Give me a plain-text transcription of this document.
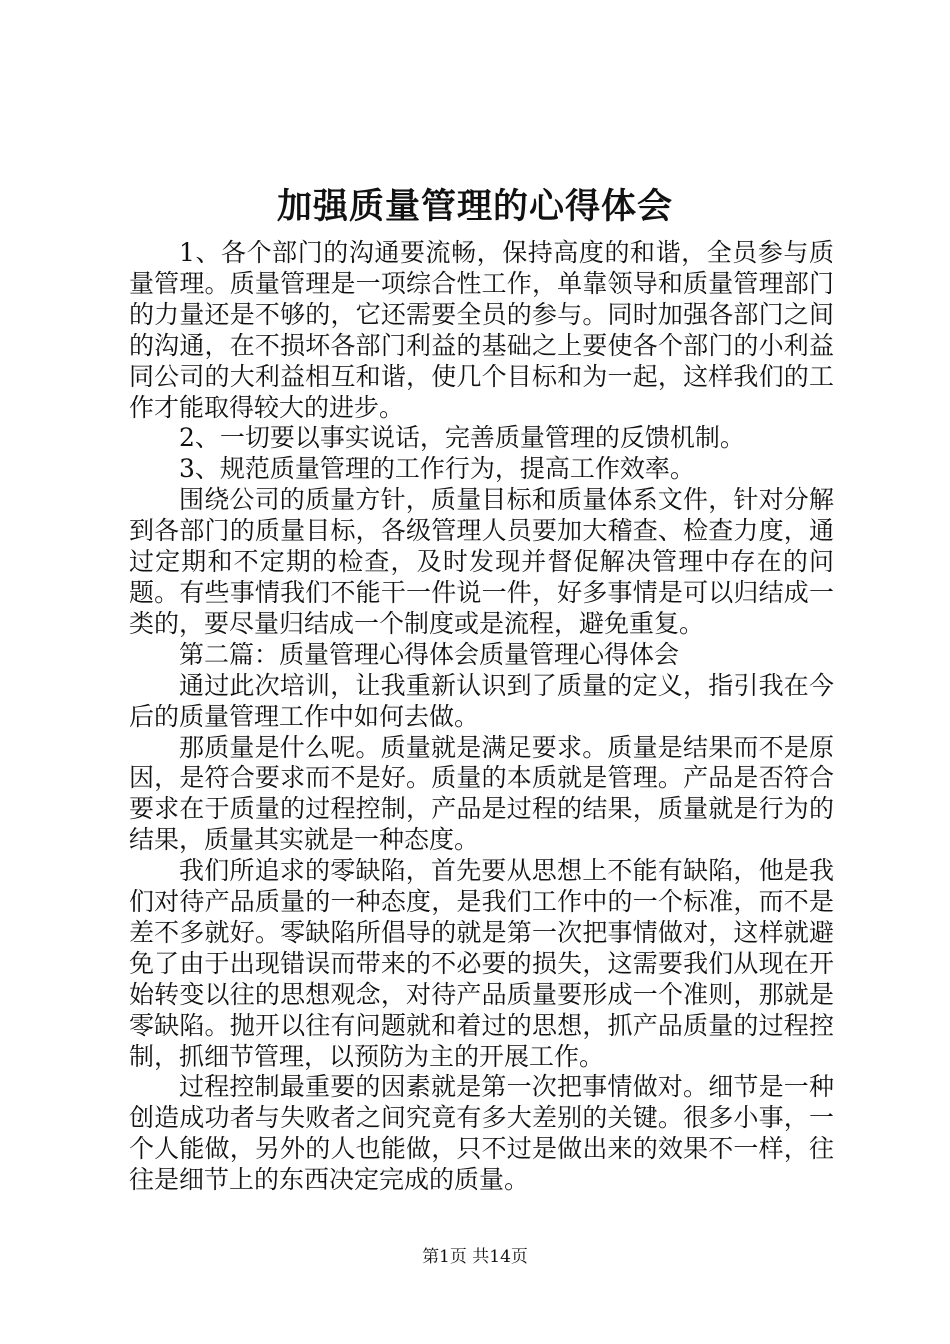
加强质量管理的心得体会

1、各个部门的沟通要流畅，保持高度的和谐，全员参与质量管理。质量管理是一项综合性工作，单靠领导和质量管理部门的力量还是不够的，它还需要全员的参与。同时加强各部门之间的沟通，在不损坏各部门利益的基础之上要使各个部门的小利益同公司的大利益相互和谐，使几个目标和为一起，这样我们的工作才能取得较大的进步。

2、一切要以事实说话，完善质量管理的反馈机制。

3、规范质量管理的工作行为，提高工作效率。

围绕公司的质量方针，质量目标和质量体系文件，针对分解到各部门的质量目标，各级管理人员要加大稽查、检查力度，通过定期和不定期的检查，及时发现并督促解决管理中存在的问题。有些事情我们不能干一件说一件，好多事情是可以归结成一类的，要尽量归结成一个制度或是流程，避免重复。

第二篇：质量管理心得体会质量管理心得体会

通过此次培训，让我重新认识到了质量的定义，指引我在今后的质量管理工作中如何去做。

那质量是什么呢。质量就是满足要求。质量是结果而不是原因，是符合要求而不是好。质量的本质就是管理。产品是否符合要求在于质量的过程控制，产品是过程的结果，质量就是行为的结果，质量其实就是一种态度。

我们所追求的零缺陷，首先要从思想上不能有缺陷，他是我们对待产品质量的一种态度，是我们工作中的一个标准，而不是差不多就好。零缺陷所倡导的就是第一次把事情做对，这样就避免了由于出现错误而带来的不必要的损失，这需要我们从现在开始转变以往的思想观念，对待产品质量要形成一个准则，那就是零缺陷。抛开以往有问题就和着过的思想，抓产品质量的过程控制，抓细节管理，以预防为主的开展工作。

过程控制最重要的因素就是第一次把事情做对。细节是一种创造成功者与失败者之间究竟有多大差别的关键。很多小事，一个人能做，另外的人也能做，只不过是做出来的效果不一样，往往是细节上的东西决定完成的质量。

第1页 共14页
